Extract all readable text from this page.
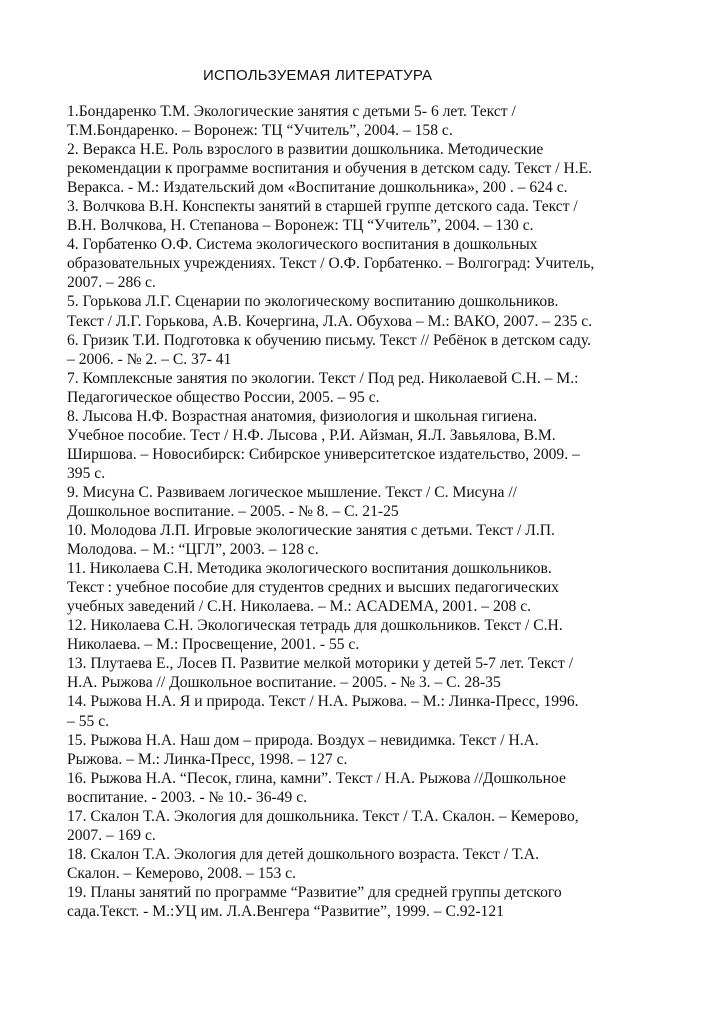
ИСПОЛЬЗУЕМАЯ ЛИТЕРАТУРА
1.Бондаренко Т.М. Экологические занятия с детьми 5- 6 лет. Текст /
Т.М.Бондаренко. – Воронеж: ТЦ “Учитель”, 2004. – 158 с.
2. Веракса Н.Е. Роль взрослого в развитии дошкольника. Методические
рекомендации к программе воспитания и обучения в детском саду. Текст / Н.Е.
Веракса. - М.: Издательский дом «Воспитание дошкольника», 200 . – 624 с.
3. Волчкова В.Н. Конспекты занятий в старшей группе детского сада. Текст /
В.Н. Волчкова, Н. Степанова – Воронеж: ТЦ “Учитель”, 2004. – 130 с.
4. Горбатенко О.Ф. Система экологического воспитания в дошкольных
образовательных учреждениях. Текст / О.Ф. Горбатенко. – Волгоград: Учитель,
2007. – 286 с.
5. Горькова Л.Г. Сценарии по экологическому воспитанию дошкольников.
Текст / Л.Г. Горькова, А.В. Кочергина, Л.А. Обухова – М.: ВАКО, 2007. – 235 с.
6. Гризик Т.И. Подготовка к обучению письму. Текст // Ребёнок в детском саду.
– 2006. - № 2. – С. 37- 41
7. Комплексные занятия по экологии. Текст / Под ред. Николаевой С.Н. – М.:
Педагогическое общество России, 2005. – 95 с.
8. Лысова Н.Ф. Возрастная анатомия, физиология и школьная гигиена.
Учебное пособие. Тест / Н.Ф. Лысова , Р.И. Айзман, Я.Л. Завьялова, В.М.
Ширшова. – Новосибирск: Сибирское университетское издательство, 2009. –
395 с.
9. Мисуна С. Развиваем логическое мышление. Текст / С. Мисуна //
Дошкольное воспитание. – 2005. - № 8. – С. 21-25
10. Молодова Л.П. Игровые экологические занятия с детьми. Текст / Л.П.
Молодова. – М.: “ЦГЛ”, 2003. – 128 с.
11. Николаева С.Н. Методика экологического воспитания дошкольников.
Текст : учебное пособие для студентов средних и высших педагогических
учебных заведений / С.Н. Николаева. – М.: ACADEMA, 2001. – 208 с.
12. Николаева С.Н. Экологическая тетрадь для дошкольников. Текст / С.Н.
Николаева. – М.: Просвещение, 2001. - 55 с.
13. Плутаева Е., Лосев П. Развитие мелкой моторики у детей 5-7 лет. Текст /
Н.А. Рыжова // Дошкольное воспитание. – 2005. - № 3. – С. 28-35
14. Рыжова Н.А. Я и природа. Текст / Н.А. Рыжова. – М.: Линка-Пресс, 1996.
– 55 с.
15. Рыжова Н.А. Наш дом – природа. Воздух – невидимка. Текст / Н.А.
Рыжова. – М.: Линка-Пресс, 1998. – 127 с.
16. Рыжова Н.А. “Песок, глина, камни”. Текст / Н.А. Рыжова //Дошкольное
воспитание. - 2003. - № 10.- 36-49 с.
17. Скалон Т.А. Экология для дошкольника. Текст / Т.А. Скалон. – Кемерово,
2007. – 169 с.
18. Скалон Т.А. Экология для детей дошкольного возраста. Текст / Т.А.
Скалон. – Кемерово, 2008. – 153 с.
19. Планы занятий по программе “Развитие” для средней группы детского
сада.Текст. - М.:УЦ им. Л.А.Венгера “Развитие”, 1999. – С.92-121
